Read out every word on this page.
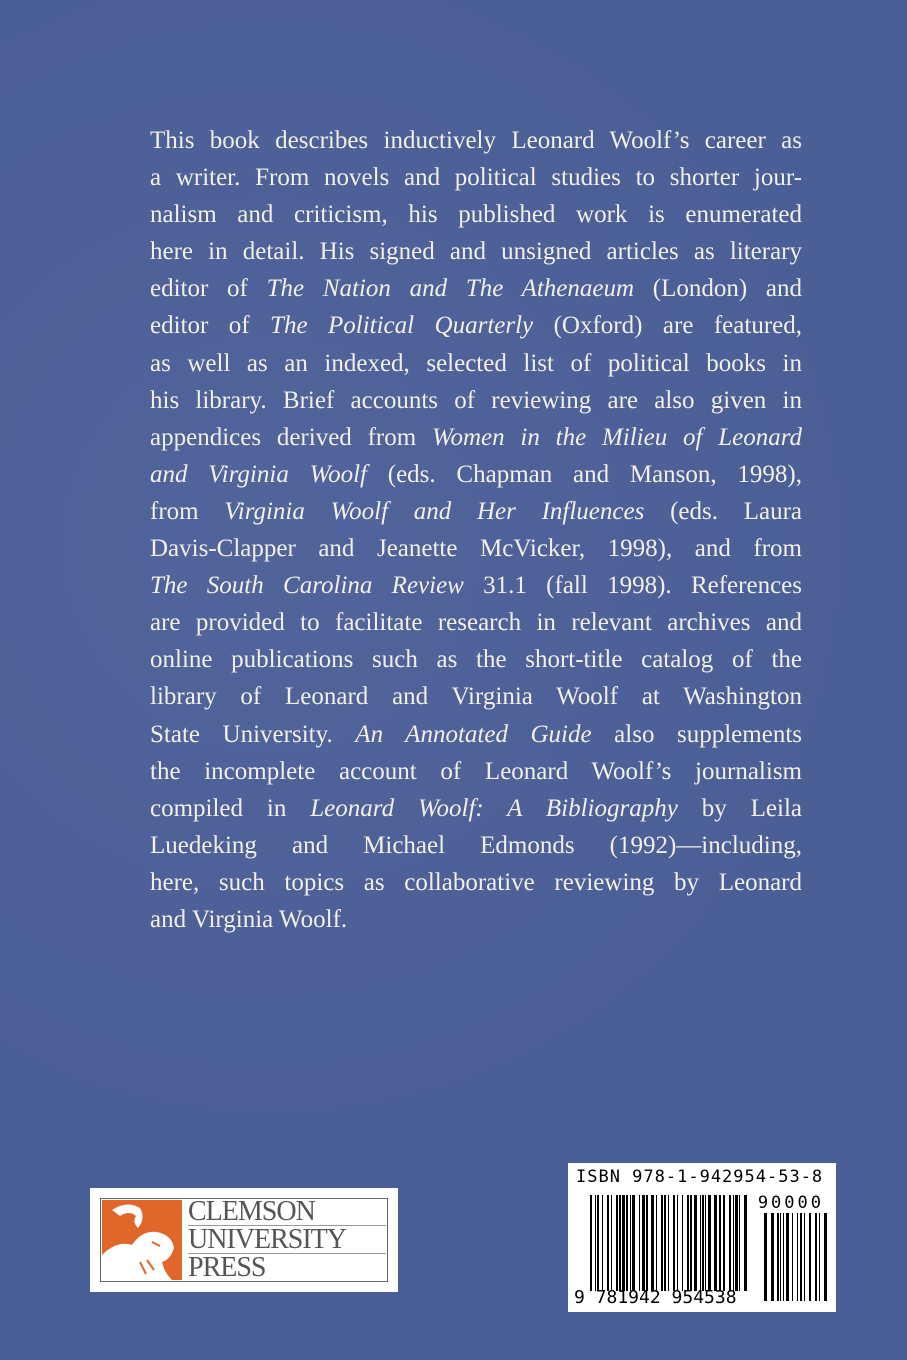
This book describes inductively Leonard Woolf’s career as
a writer. From novels and political studies to shorter jour-
nalism and criticism, his published work is enumerated
here in detail. His signed and unsigned articles as literary
editor of The Nation and The Athenaeum (London) and
editor of The Political Quarterly (Oxford) are featured,
as well as an indexed, selected list of political books in
his library. Brief accounts of reviewing are also given in
appendices derived from Women in the Milieu of Leonard
and Virginia Woolf (eds. Chapman and Manson, 1998),
from Virginia Woolf and Her Influences (eds. Laura
Davis-Clapper and Jeanette McVicker, 1998), and from
The South Carolina Review 31.1 (fall 1998). References
are provided to facilitate research in relevant archives and
online publications such as the short-title catalog of the
library of Leonard and Virginia Woolf at Washington
State University. An Annotated Guide also supplements
the incomplete account of Leonard Woolf’s journalism
compiled in Leonard Woolf: A Bibliography by Leila
Luedeking and Michael Edmonds (1992)—including,
here, such topics as collaborative reviewing by Leonard
and Virginia Woolf.
CLEMSON
UNIVERSITY
PRESS
ISBN 978-1-942954-53-8
90000
9 781942 954538
